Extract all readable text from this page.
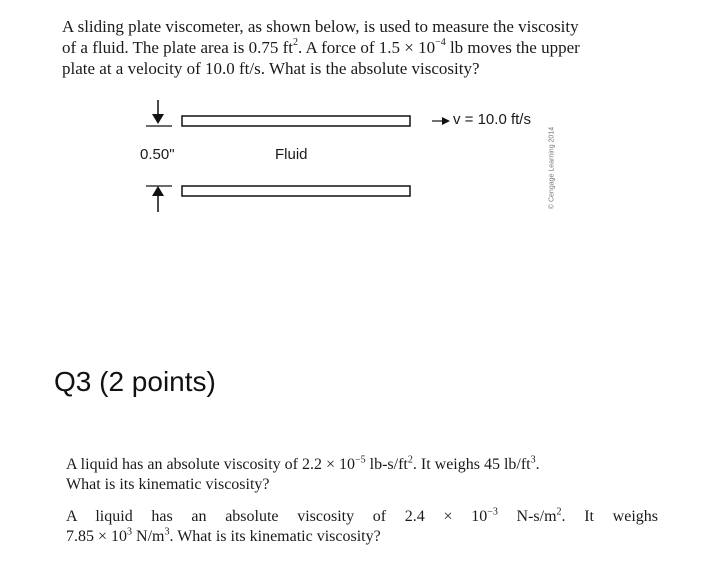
A sliding plate viscometer, as shown below, is used to measure the viscosity
of a fluid. The plate area is 0.75 $ft^2$. A force of $1.5 \times 10^{-4}$ lb moves the upper
plate at a velocity of 10.0 ft/s. What is the absolute viscosity?
0.50"	Fluid
v = 10.0 ft/s
© Cengage Learning 2014
Q3 (2 points)
A liquid has an absolute viscosity of $2.2 \times 10^{-5}$ $lb-s/ft^2$. It weighs 45 $lb/ft^3$.
What is its kinematic viscosity?
A liquid has an absolute viscosity of $2.4 \times 10^{-3}$ $N-s/m^2$. It weighs
$7.85 \times 10^3$ $N/m^3$. What is its kinematic viscosity?
